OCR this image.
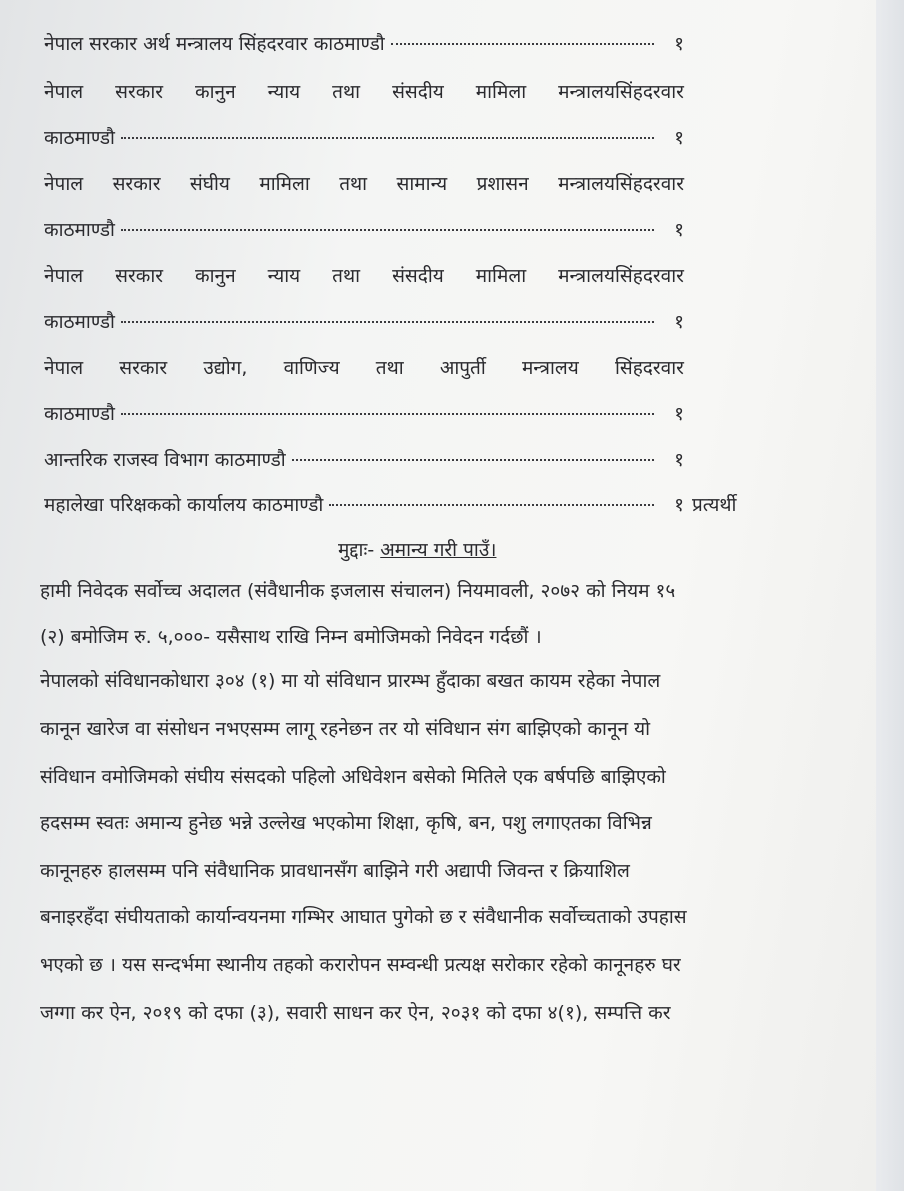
नेपाल सरकार अर्थ मन्त्रालय सिंहदरवार काठमाण्डौ	१
नेपाल सरकार कानुन न्याय तथा संसदीय मामिला मन्त्रालयसिंहदरवार
काठमाण्डौ	१
नेपाल सरकार संघीय मामिला तथा सामान्य प्रशासन मन्त्रालयसिंहदरवार
काठमाण्डौ	१
नेपाल सरकार कानुन न्याय तथा संसदीय मामिला मन्त्रालयसिंहदरवार
काठमाण्डौ	१
नेपाल सरकार उद्योग, वाणिज्य तथा आपुर्ती मन्त्रालय सिंहदरवार
काठमाण्डौ	१
आन्तरिक राजस्व विभाग काठमाण्डौ	१
महालेखा परिक्षकको कार्यालय काठमाण्डौ	१ प्रत्यर्थी
मुद्दाः- अमान्य गरी पाउँ।
हामी निवेदक सर्वोच्च अदालत (संवैधानीक इजलास संचालन) नियमावली, २०७२ को नियम १५
(२) बमोजिम रु. ५,०००- यसैसाथ राखि निम्न बमोजिमको निवेदन गर्दछौं ।
नेपालको संविधानकोधारा ३०४ (१) मा यो संविधान प्रारम्भ हुँदाका बखत कायम रहेका नेपाल
कानून खारेज वा संसोधन नभएसम्म लागू रहनेछन तर यो संविधान संग बाझिएको कानून यो
संविधान वमोजिमको संघीय संसदको पहिलो अधिवेशन बसेको मितिले एक बर्षपछि बाझिएको
हदसम्म स्वतः अमान्य हुनेछ भन्ने उल्लेख भएकोमा शिक्षा, कृषि, बन, पशु लगाएतका विभिन्न
कानूनहरु हालसम्म पनि संवैधानिक प्रावधानसँग बाझिने गरी अद्यापी जिवन्त र क्रियाशिल
बनाइरहँदा संघीयताको कार्यान्वयनमा गम्भिर आघात पुगेको छ र संवैधानीक सर्वोच्चताको उपहास
भएको छ । यस सन्दर्भमा स्थानीय तहको करारोपन सम्वन्धी प्रत्यक्ष सरोकार रहेको कानूनहरु घर
जग्गा कर ऐन, २०१९ को दफा (३), सवारी साधन कर ऐन, २०३१ को दफा ४(१), सम्पत्ति कर
